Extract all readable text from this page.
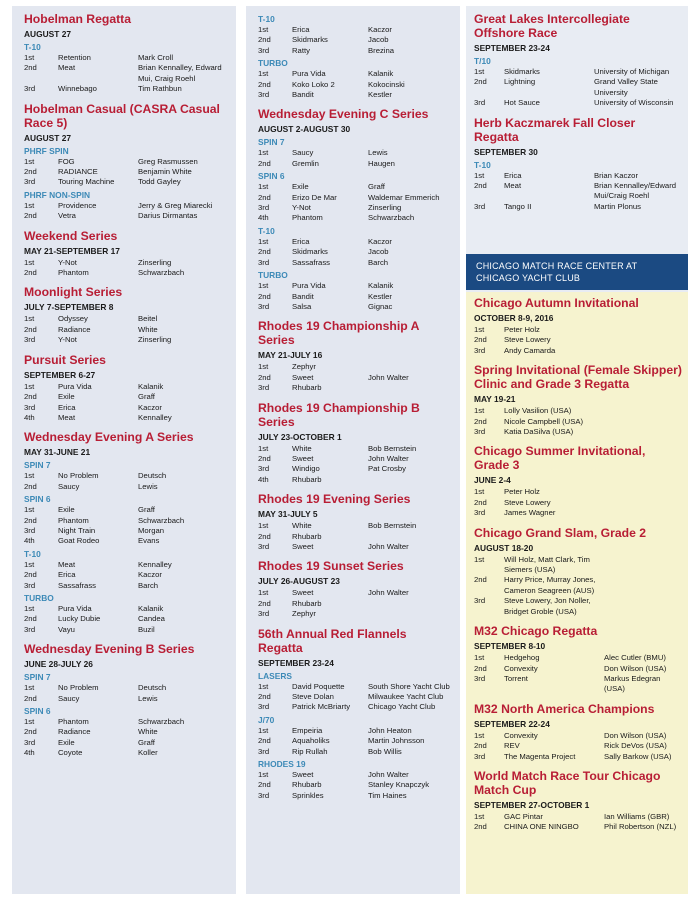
Hobelman Regatta
AUGUST 27
T-10
1st	Retention	Mark Croll
2nd	Meat	Brian Kennalley, Edward Mui, Craig Roehl
3rd	Winnebago	Tim Rathbun
Hobelman Casual (CASRA Casual Race 5)
AUGUST 27
PHRF SPIN
1st	FOG	Greg Rasmussen
2nd	RADIANCE	Benjamin White
3rd	Touring Machine	Todd Gayley
PHRF NON-SPIN
1st	Providence	Jerry & Greg Miarecki
2nd	Vetra	Darius Dirmantas
Weekend Series
MAY 21-SEPTEMBER 17
1st	Y-Not	Zinserling
2nd	Phantom	Schwarzbach
Moonlight Series
JULY 7-SEPTEMBER 8
1st	Odyssey	Beitel
2nd	Radiance	White
3rd	Y-Not	Zinserling
Pursuit Series
SEPTEMBER 6-27
1st	Pura Vida	Kalanik
2nd	Exile	Graff
3rd	Erica	Kaczor
4th	Meat	Kennalley
Wednesday Evening A Series
MAY 31-JUNE 21
SPIN 7
1st	No Problem	Deutsch
2nd	Saucy	Lewis
SPIN 6
1st	Exile	Graff
2nd	Phantom	Schwarzbach
3rd	Night Train	Morgan
4th	Goat Rodeo	Evans
T-10
1st	Meat	Kennalley
2nd	Erica	Kaczor
3rd	Sassafrass	Barch
TURBO
1st	Pura Vida	Kalanik
2nd	Lucky Dubie	Candea
3rd	Vayu	Buzil
Wednesday Evening B Series
JUNE 28-JULY 26
SPIN 7
1st	No Problem	Deutsch
2nd	Saucy	Lewis
SPIN 6
1st	Phantom	Schwarzbach
2nd	Radiance	White
3rd	Exile	Graff
4th	Coyote	Koller
T-10
1st	Erica	Kaczor
2nd	Skidmarks	Jacob
3rd	Ratty	Brezina
TURBO
1st	Pura Vida	Kalanik
2nd	Koko Loko 2	Kokocinski
3rd	Bandit	Kestler
Wednesday Evening C Series
AUGUST 2-AUGUST 30
SPIN 7
1st	Saucy	Lewis
2nd	Gremlin	Haugen
SPIN 6
1st	Exile	Graff
2nd	Erizo De Mar	Waldemar Emmerich
3rd	Y-Not	Zinserling
4th	Phantom	Schwarzbach
T-10
1st	Erica	Kaczor
2nd	Skidmarks	Jacob
3rd	Sassafrass	Barch
TURBO
1st	Pura Vida	Kalanik
2nd	Bandit	Kestler
3rd	Salsa	Gignac
Rhodes 19 Championship A Series
MAY 21-JULY 16
1st	Zephyr
2nd	Sweet	John Walter
3rd	Rhubarb
Rhodes 19 Championship B Series
JULY 23-OCTOBER 1
1st	White	Bob Bernstein
2nd	Sweet	John Walter
3rd	Windigo	Pat Crosby
4th	Rhubarb
Rhodes 19 Evening Series
MAY 31-JULY 5
1st	White	Bob Bernstein
2nd	Rhubarb
3rd	Sweet	John Walter
Rhodes 19 Sunset Series
JULY 26-AUGUST 23
1st	Sweet	John Walter
2nd	Rhubarb
3rd	Zephyr
56th Annual Red Flannels Regatta
SEPTEMBER 23-24
LASERS
1st	David Poquette	South Shore Yacht Club
2nd	Steve Dolan	Milwaukee Yacht Club
3rd	Patrick McBriarty	Chicago Yacht Club
J/70
1st	Empeiria	John Heaton
2nd	Aquaholiks	Martin Johnsson
3rd	Rip Rullah	Bob Willis
RHODES 19
1st	Sweet	John Walter
2nd	Rhubarb	Stanley Knapczyk
3rd	Sprinkles	Tim Haines
Great Lakes Intercollegiate Offshore Race
SEPTEMBER 23-24
T/10
1st	Skidmarks	University of Michigan
2nd	Lightning	Grand Valley State University
3rd	Hot Sauce	University of Wisconsin
Herb Kaczmarek Fall Closer Regatta
SEPTEMBER 30
T-10
1st	Erica	Brian Kaczor
2nd	Meat	Brian Kennalley/Edward Mui/Craig Roehl
3rd	Tango II	Martin Plonus
CHICAGO MATCH RACE CENTER AT CHICAGO YACHT CLUB
Chicago Autumn Invitational
OCTOBER 8-9, 2016
1st	Peter Holz
2nd	Steve Lowery
3rd	Andy Camarda
Spring Invitational (Female Skipper) Clinic and Grade 3 Regatta
MAY 19-21
1st	Lolly Vasilion (USA)
2nd	Nicole Campbell (USA)
3rd	Katia DaSilva (USA)
Chicago Summer Invitational, Grade 3
JUNE 2-4
1st	Peter Holz
2nd	Steve Lowery
3rd	James Wagner
Chicago Grand Slam, Grade 2
AUGUST 18-20
1st	Will Holz, Matt Clark, Tim Siemers (USA)
2nd	Harry Price, Murray Jones, Cameron Seagreen (AUS)
3rd	Steve Lowery, Jon Noller, Bridget Groble (USA)
M32 Chicago Regatta
SEPTEMBER 8-10
1st	Hedgehog	Alec Cutler (BMU)
2nd	Convexity	Don Wilson (USA)
3rd	Torrent	Markus Edegran (USA)
M32 North America Champions
SEPTEMBER 22-24
1st	Convexity	Don Wilson (USA)
2nd	REV	Rick DeVos (USA)
3rd	The Magenta Project	Sally Barkow (USA)
World Match Race Tour Chicago Match Cup
SEPTEMBER 27-OCTOBER 1
1st	GAC Pintar	Ian Williams (GBR)
2nd	CHINA ONE NINGBO	Phil Robertson (NZL)
